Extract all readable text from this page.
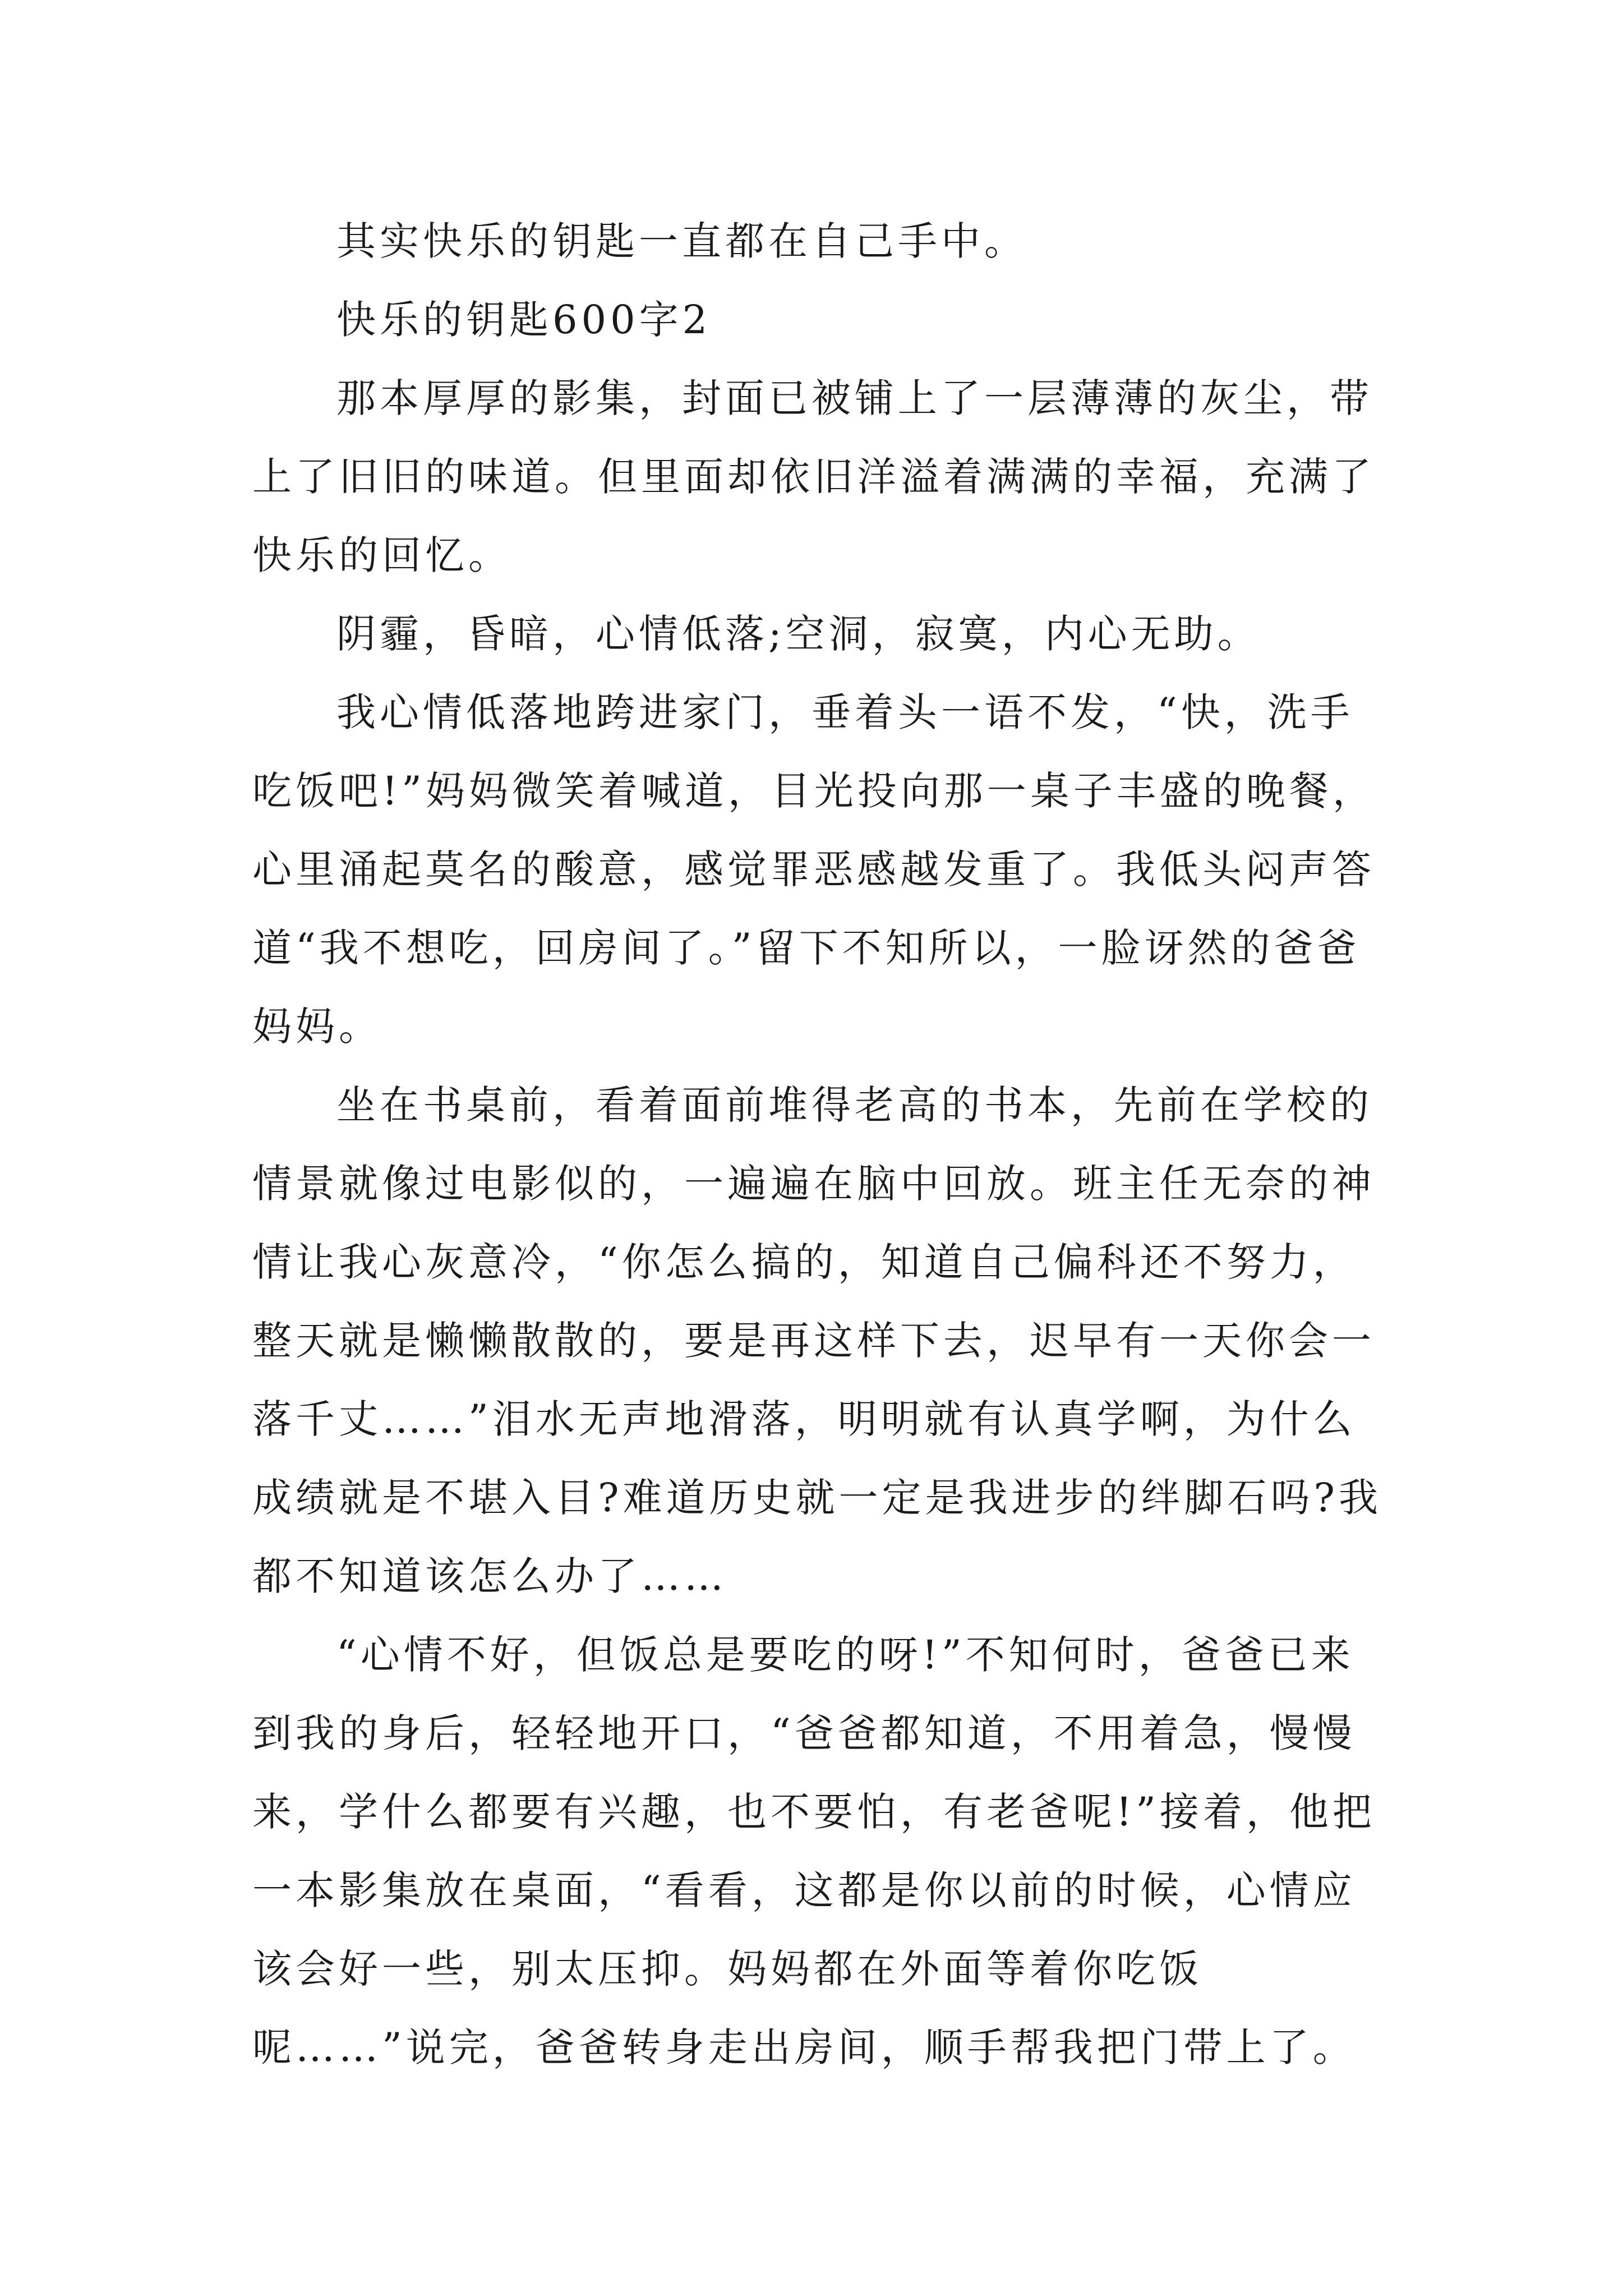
其实快乐的钥匙一直都在自己手中。

快乐的钥匙600字2

那本厚厚的影集，封面已被铺上了一层薄薄的灰尘，带上了旧旧的味道。但里面却依旧洋溢着满满的幸福，充满了快乐的回忆。

阴霾，昏暗，心情低落;空洞，寂寞，内心无助。

我心情低落地跨进家门，垂着头一语不发，“快，洗手吃饭吧!”妈妈微笑着喊道，目光投向那一桌子丰盛的晚餐，心里涌起莫名的酸意，感觉罪恶感越发重了。我低头闷声答道“我不想吃，回房间了。”留下不知所以，一脸讶然的爸爸妈妈。

坐在书桌前，看着面前堆得老高的书本，先前在学校的情景就像过电影似的，一遍遍在脑中回放。班主任无奈的神情让我心灰意冷，“你怎么搞的，知道自己偏科还不努力，整天就是懒懒散散的，要是再这样下去，迟早有一天你会一落千丈……”泪水无声地滑落，明明就有认真学啊，为什么成绩就是不堪入目?难道历史就一定是我进步的绊脚石吗?我都不知道该怎么办了……

“心情不好，但饭总是要吃的呀!”不知何时，爸爸已来到我的身后，轻轻地开口，“爸爸都知道，不用着急，慢慢来，学什么都要有兴趣，也不要怕，有老爸呢!”接着，他把一本影集放在桌面，“看看，这都是你以前的时候，心情应该会好一些，别太压抑。妈妈都在外面等着你吃饭呢……”说完，爸爸转身走出房间，顺手帮我把门带上了。
